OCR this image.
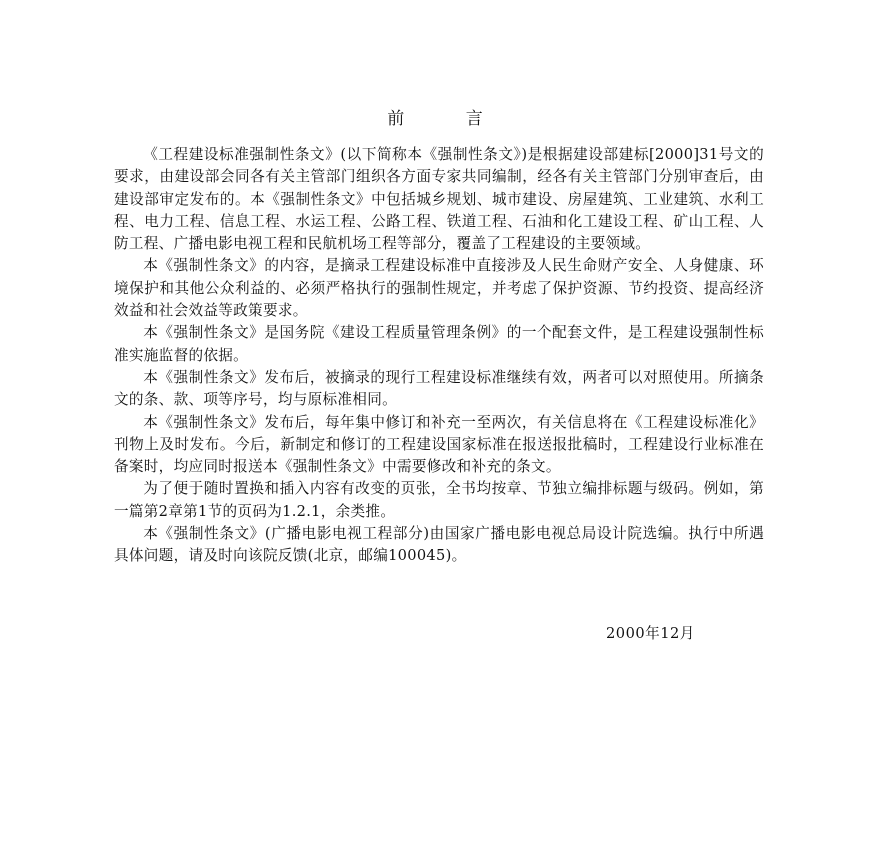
前 言

《工程建设标准强制性条文》(以下简称本《强制性条文》)是根据建设部建标[2000]31号文的要求，由建设部会同各有关主管部门组织各方面专家共同编制，经各有关主管部门分别审查后，由建设部审定发布的。本《强制性条文》中包括城乡规划、城市建设、房屋建筑、工业建筑、水利工程、电力工程、信息工程、水运工程、公路工程、铁道工程、石油和化工建设工程、矿山工程、人防工程、广播电影电视工程和民航机场工程等部分，覆盖了工程建设的主要领域。

本《强制性条文》的内容，是摘录工程建设标准中直接涉及人民生命财产安全、人身健康、环境保护和其他公众利益的、必须严格执行的强制性规定，并考虑了保护资源、节约投资、提高经济效益和社会效益等政策要求。

本《强制性条文》是国务院《建设工程质量管理条例》的一个配套文件，是工程建设强制性标准实施监督的依据。

本《强制性条文》发布后，被摘录的现行工程建设标准继续有效，两者可以对照使用。所摘条文的条、款、项等序号，均与原标准相同。

本《强制性条文》发布后，每年集中修订和补充一至两次，有关信息将在《工程建设标准化》刊物上及时发布。今后，新制定和修订的工程建设国家标准在报送报批稿时，工程建设行业标准在备案时，均应同时报送本《强制性条文》中需要修改和补充的条文。

为了便于随时置换和插入内容有改变的页张，全书均按章、节独立编排标题与级码。例如，第一篇第2章第1节的页码为1.2.1，余类推。

本《强制性条文》(广播电影电视工程部分)由国家广播电影电视总局设计院选编。执行中所遇具体问题，请及时向该院反馈(北京，邮编100045)。

2000年12月
